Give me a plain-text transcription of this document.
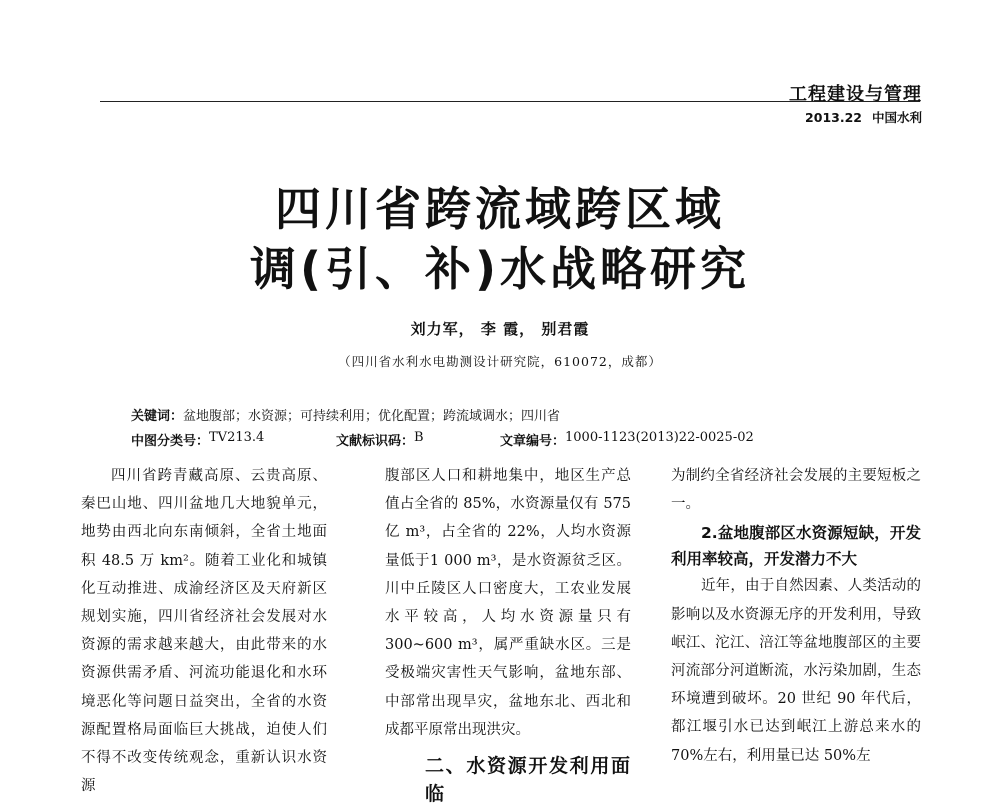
工程建设与管理
2013.22 中国水利
四川省跨流域跨区域
调(引、补)水战略研究
刘力军， 李 霞， 别君霞
（四川省水利水电勘测设计研究院，610072，成都）
关键词：盆地腹部；水资源；可持续利用；优化配置；跨流域调水；四川省
中图分类号： TV213.4	文献标识码： B	文章编号： 1000-1123(2013)22-0025-02

四川省跨青藏高原、云贵高原、秦巴山地、四川盆地几大地貌单元，地势由西北向东南倾斜，全省土地面积 48.5 万 km²。随着工业化和城镇化互动推进、成渝经济区及天府新区规划实施，四川省经济社会发展对水资源的需求越来越大，由此带来的水资源供需矛盾、河流功能退化和水环境恶化等问题日益突出，全省的水资源配置格局面临巨大挑战，迫使人们不得不改变传统观念，重新认识水资源

腹部区人口和耕地集中，地区生产总值占全省的 85%，水资源量仅有 575 亿 m³，占全省的 22%，人均水资源量低于1 000 m³，是水资源贫乏区。川中丘陵区人口密度大，工农业发展水平较高，人均水资源量只有 300~600 m³，属严重缺水区。三是受极端灾害性天气影响，盆地东部、中部常出现旱灾，盆地东北、西北和成都平原常出现洪灾。

二、水资源开发利用面临

为制约全省经济社会发展的主要短板之一。

2.盆地腹部区水资源短缺，开发利用率较高，开发潜力不大

近年，由于自然因素、人类活动的影响以及水资源无序的开发利用，导致岷江、沱江、涪江等盆地腹部区的主要河流部分河道断流，水污染加剧，生态环境遭到破坏。20 世纪 90 年代后，都江堰引水已达到岷江上游总来水的 70%左右，利用量已达 50%左
